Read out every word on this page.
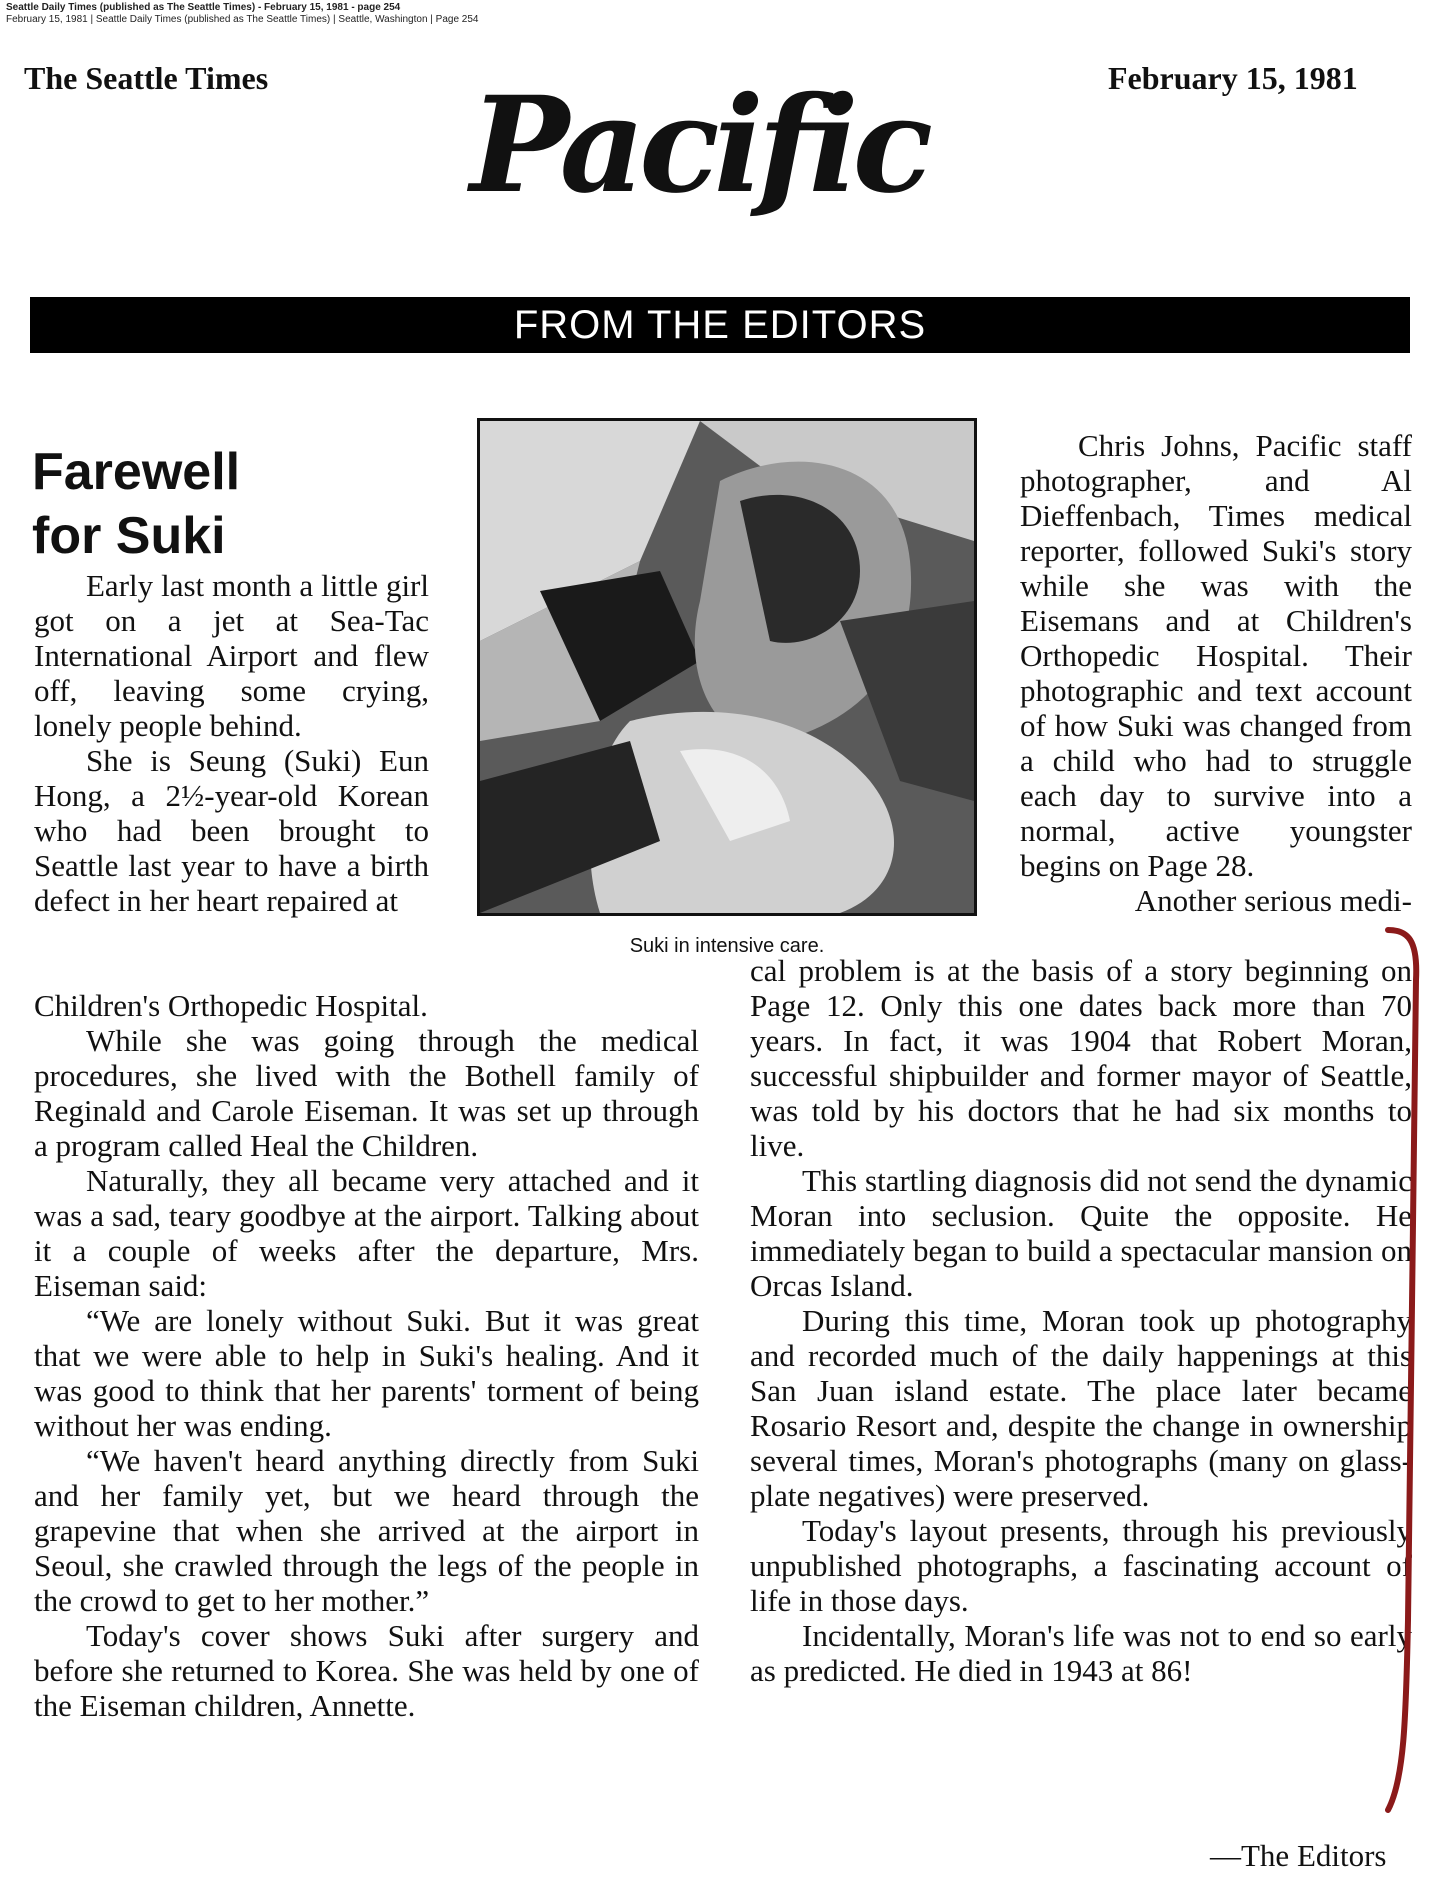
Seattle Daily Times (published as The Seattle Times) - February 15, 1981 - page 254
February 15, 1981 | Seattle Daily Times (published as The Seattle Times) | Seattle, Washington | Page 254
The Seattle Times	February 15, 1981
Pacific
FROM THE EDITORS
Farewell
for Suki

Early last month a little girl got on a jet at Sea-Tac International Airport and flew off, leaving some crying, lonely people behind.

She is Seung (Suki) Eun Hong, a 2½-year-old Korean who had been brought to Seattle last year to have a birth defect in her heart repaired at

Suki in intensive care.

Chris Johns, Pacific staff photographer, and Al Dieffenbach, Times medical reporter, followed Suki's story while she was with the Eisemans and at Children's Orthopedic Hospital. Their photographic and text account of how Suki was changed from a child who had to struggle each day to survive into a normal, active youngster begins on Page 28.

Another serious medi-

Children's Orthopedic Hospital.

While she was going through the medical procedures, she lived with the Bothell family of Reginald and Carole Eiseman. It was set up through a program called Heal the Children.

Naturally, they all became very attached and it was a sad, teary goodbye at the airport. Talking about it a couple of weeks after the departure, Mrs. Eiseman said:

“We are lonely without Suki. But it was great that we were able to help in Suki's healing. And it was good to think that her parents' torment of being without her was ending.

“We haven't heard anything directly from Suki and her family yet, but we heard through the grapevine that when she arrived at the airport in Seoul, she crawled through the legs of the people in the crowd to get to her mother.”

Today's cover shows Suki after surgery and before she returned to Korea. She was held by one of the Eiseman children, Annette.

cal problem is at the basis of a story beginning on Page 12. Only this one dates back more than 70 years. In fact, it was 1904 that Robert Moran, successful shipbuilder and former mayor of Seattle, was told by his doctors that he had six months to live.

This startling diagnosis did not send the dynamic Moran into seclusion. Quite the opposite. He immediately began to build a spectacular mansion on Orcas Island.

During this time, Moran took up photography and recorded much of the daily happenings at this San Juan island estate. The place later became Rosario Resort and, despite the change in ownership several times, Moran's photographs (many on glass-plate negatives) were preserved.

Today's layout presents, through his previously unpublished photographs, a fascinating account of life in those days.

Incidentally, Moran's life was not to end so early as predicted. He died in 1943 at 86!

—The Editors
